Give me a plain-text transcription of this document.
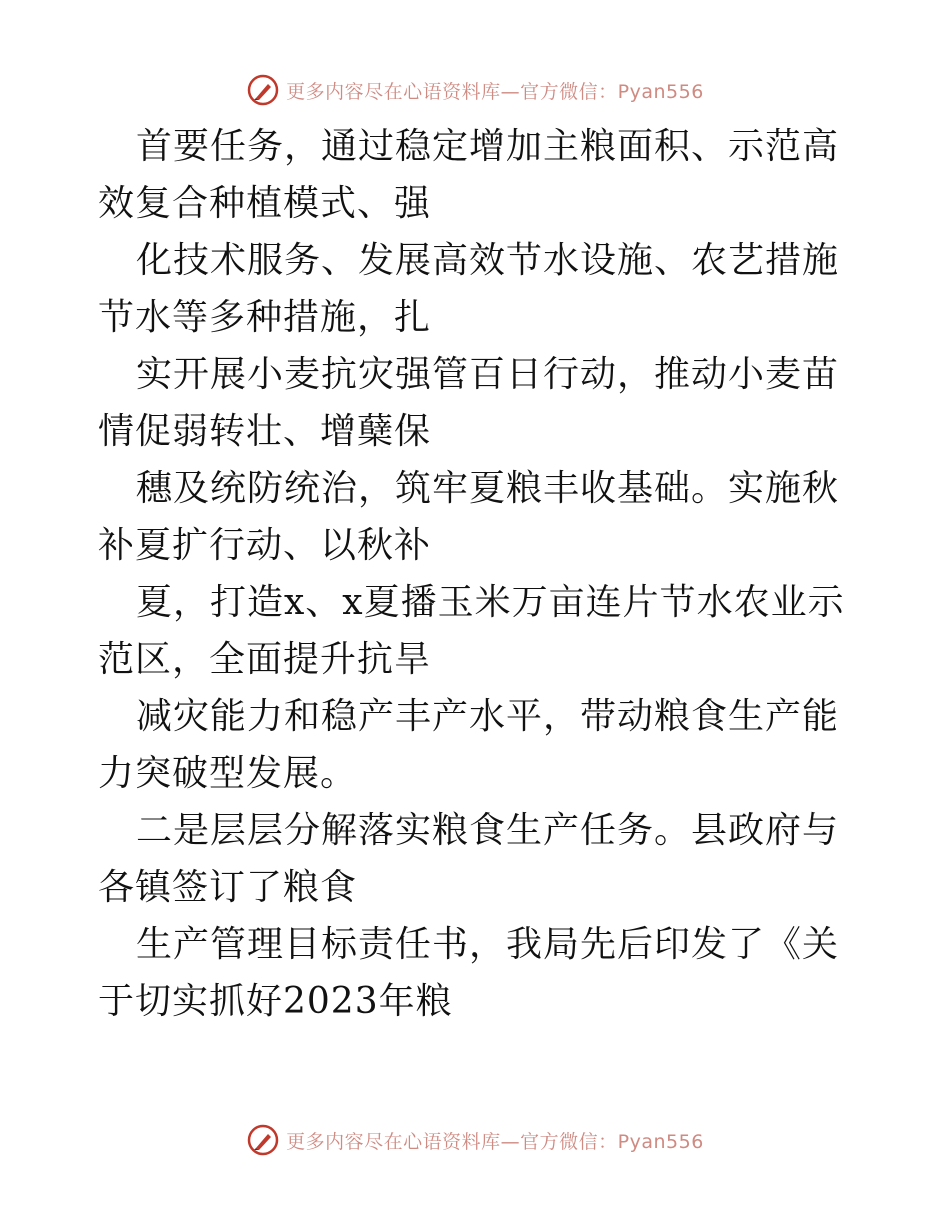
更多内容尽在心语资料库—官方微信：Pyan556

首要任务，通过稳定增加主粮面积、示范高效复合种植模式、强

化技术服务、发展高效节水设施、农艺措施节水等多种措施，扎

实开展小麦抗灾强管百日行动，推动小麦苗情促弱转壮、增蘖保

穗及统防统治，筑牢夏粮丰收基础。实施秋补夏扩行动、以秋补

夏，打造x、x夏播玉米万亩连片节水农业示范区，全面提升抗旱

减灾能力和稳产丰产水平，带动粮食生产能力突破型发展。

二是层层分解落实粮食生产任务。县政府与各镇签订了粮食

生产管理目标责任书，我局先后印发了《关于切实抓好2023年粮

更多内容尽在心语资料库—官方微信：Pyan556
